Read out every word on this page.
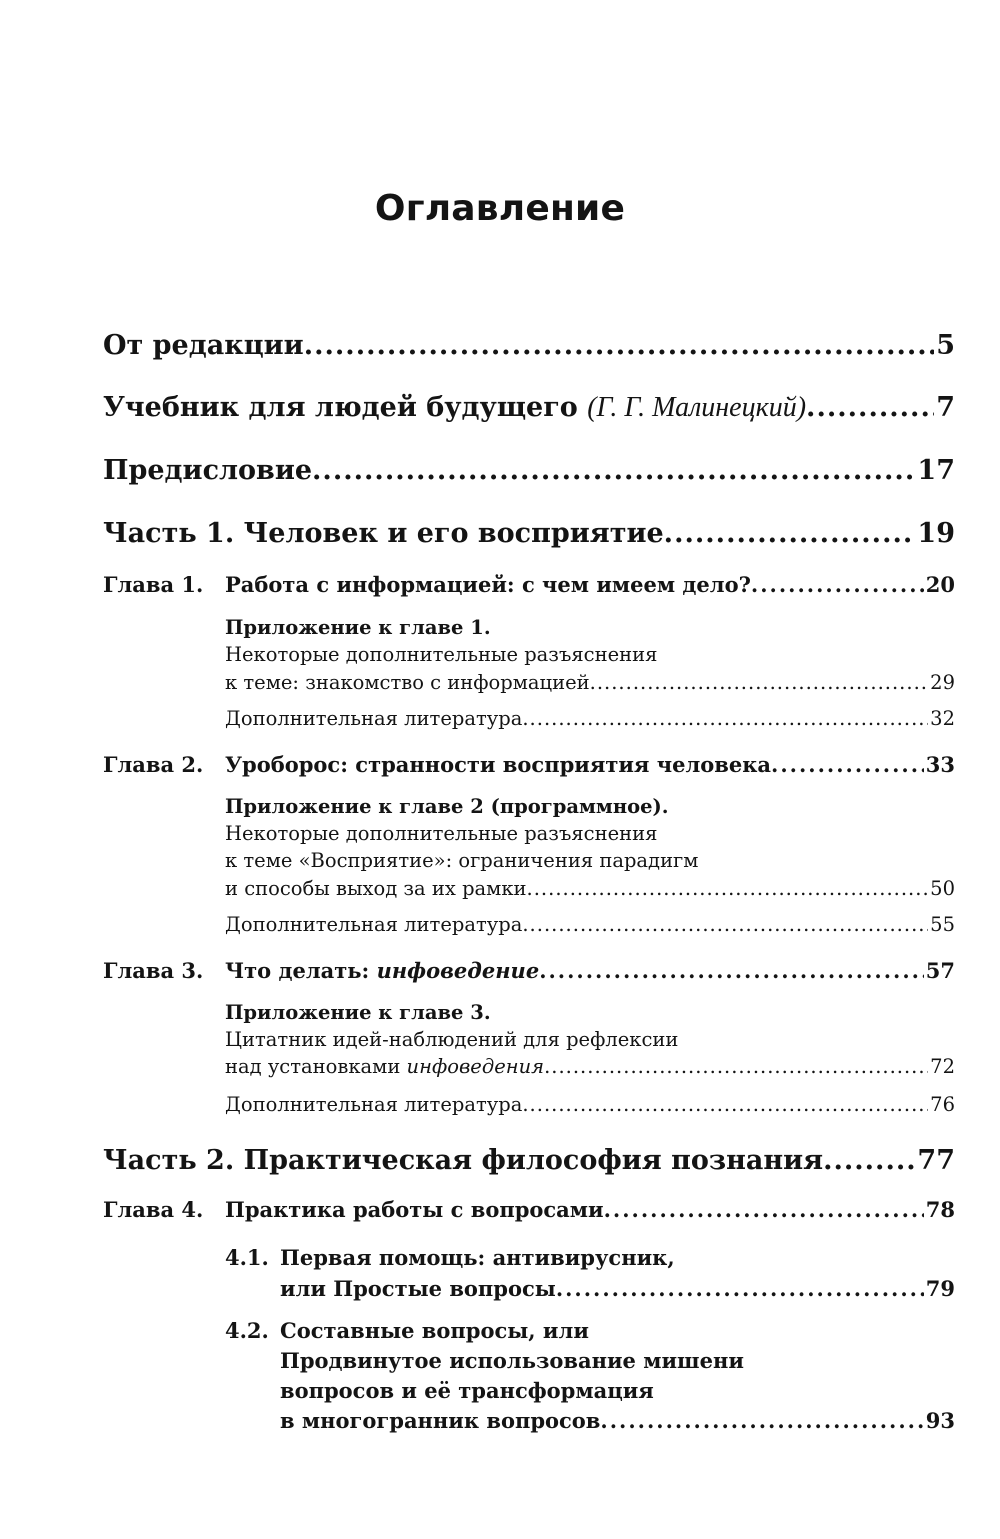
Оглавление
От редакции .....	5
Учебник для людей будущего (Г. Г. Малинецкий) .....	7
Предисловие .....	17
Часть 1. Человек и его восприятие .....	19
Глава 1. Работа с информацией: с чем имеем дело? .....	20
Приложение к главе 1.
Некоторые дополнительные разъяснения
к теме: знакомство с информацией .....	29
Дополнительная литература .....	32
Глава 2. Уроборос: странности восприятия человека .....	33
Приложение к главе 2 (программное).
Некоторые дополнительные разъяснения
к теме «Восприятие»: ограничения парадигм
и способы выход за их рамки .....	50
Дополнительная литература .....	55
Глава 3. Что делать: инфоведение .....	57
Приложение к главе 3.
Цитатник идей-наблюдений для рефлексии
над установками инфоведения .....	72
Дополнительная литература .....	76
Часть 2. Практическая философия познания .....	77
Глава 4. Практика работы с вопросами .....	78
4.1. Первая помощь: антивирусник,
или Простые вопросы .....	79
4.2. Составные вопросы, или
Продвинутое использование мишени
вопросов и её трансформация
в многогранник вопросов .....	93
